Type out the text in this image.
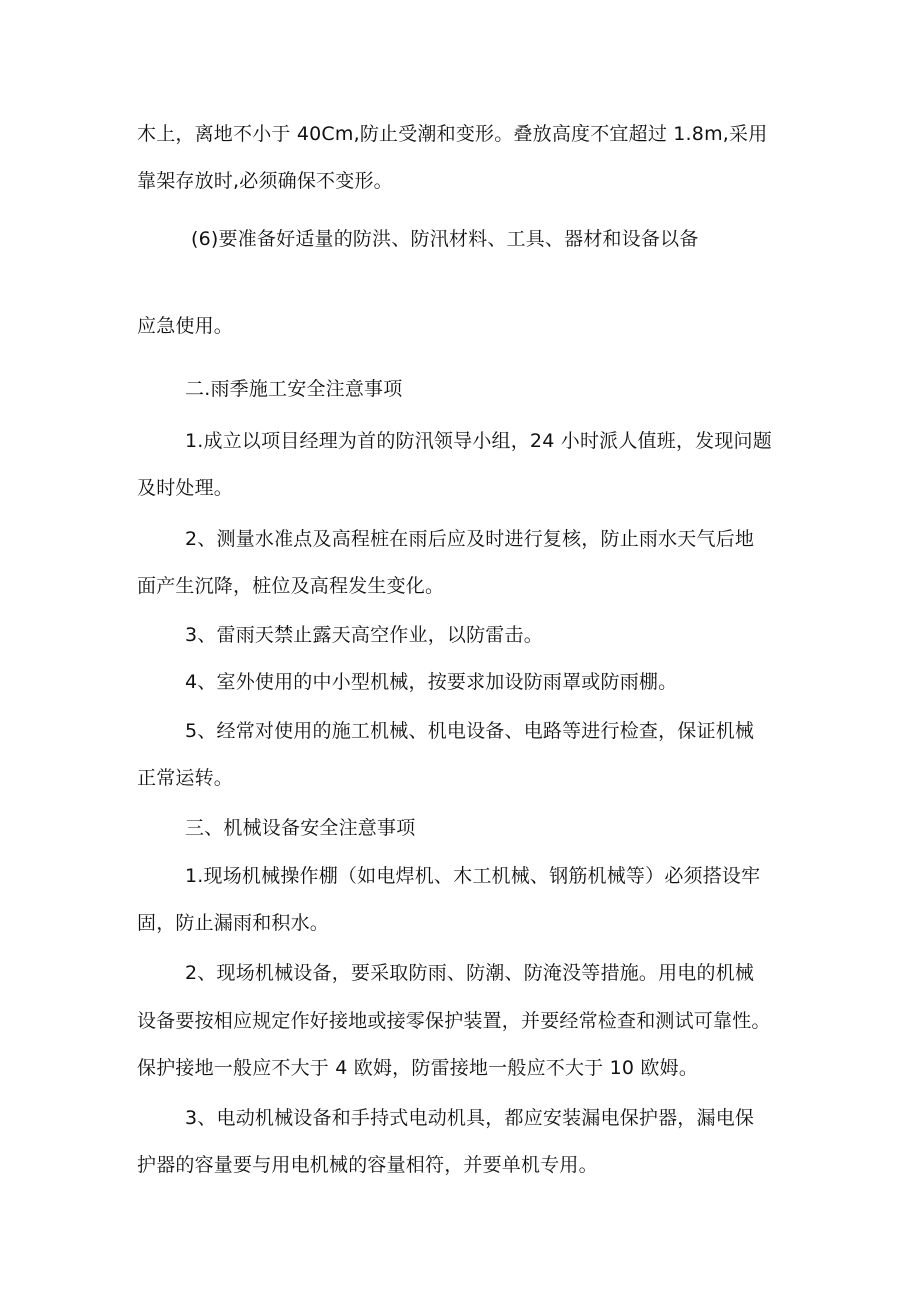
木上，离地不小于 40Cm,防止受潮和变形。叠放高度不宜超过 1.8m,采用
靠架存放时,必须确保不变形。
(6)要准备好适量的防洪、防汛材料、工具、器材和设备以备
应急使用。
二.雨季施工安全注意事项
1.成立以项目经理为首的防汛领导小组，24 小时派人值班，发现问题
及时处理。
2、测量水准点及高程桩在雨后应及时进行复核，防止雨水天气后地
面产生沉降，桩位及高程发生变化。
3、雷雨天禁止露天高空作业，以防雷击。
4、室外使用的中小型机械，按要求加设防雨罩或防雨棚。
5、经常对使用的施工机械、机电设备、电路等进行检查，保证机械
正常运转。
三、机械设备安全注意事项
1.现场机械操作棚（如电焊机、木工机械、钢筋机械等）必须搭设牢
固，防止漏雨和积水。
2、现场机械设备，要采取防雨、防潮、防淹没等措施。用电的机械
设备要按相应规定作好接地或接零保护装置，并要经常检查和测试可靠性。
保护接地一般应不大于 4 欧姆，防雷接地一般应不大于 10 欧姆。
3、电动机械设备和手持式电动机具，都应安装漏电保护器，漏电保
护器的容量要与用电机械的容量相符，并要单机专用。
